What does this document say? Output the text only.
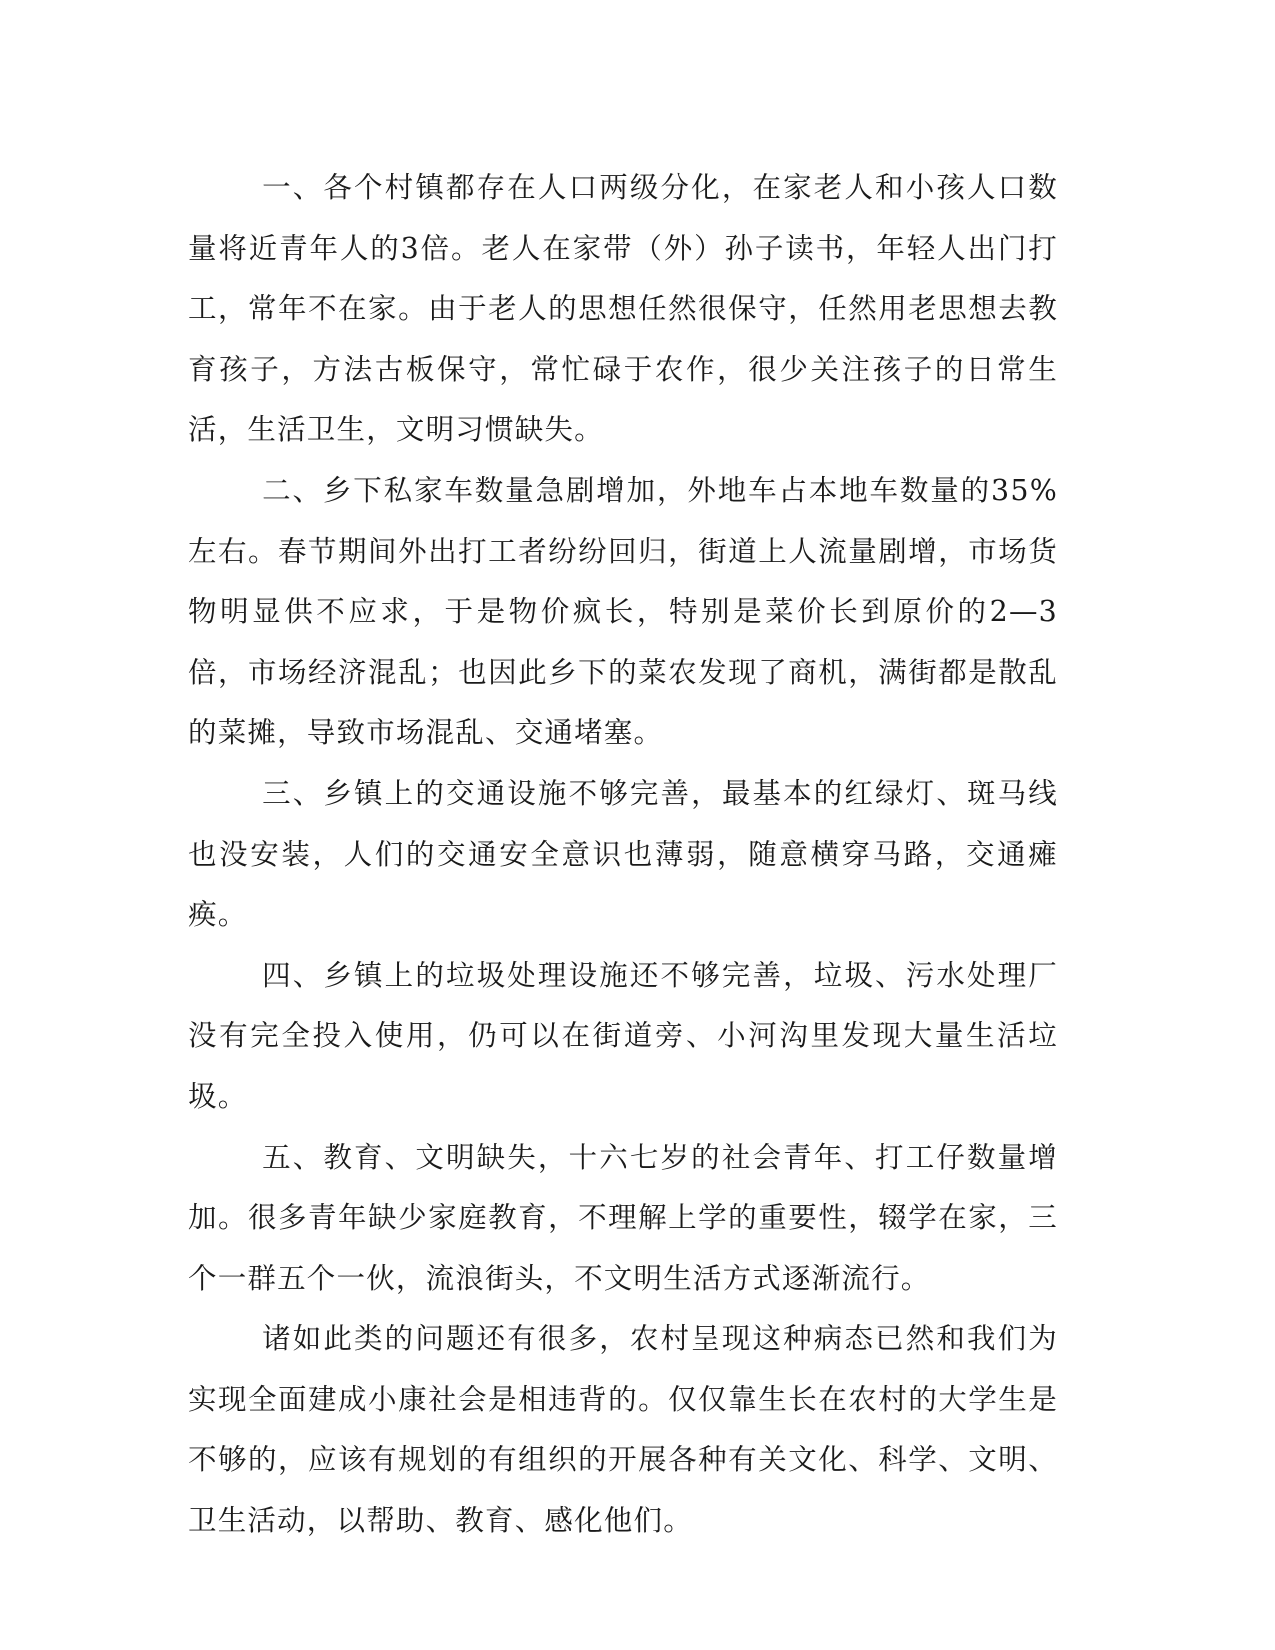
一、各个村镇都存在人口两级分化，在家老人和小孩人口数量将近青年人的3倍。老人在家带（外）孙子读书，年轻人出门打工，常年不在家。由于老人的思想任然很保守，任然用老思想去教育孩子，方法古板保守，常忙碌于农作，很少关注孩子的日常生活，生活卫生，文明习惯缺失。

二、乡下私家车数量急剧增加，外地车占本地车数量的35%左右。春节期间外出打工者纷纷回归，街道上人流量剧增，市场货物明显供不应求，于是物价疯长，特别是菜价长到原价的2—3倍，市场经济混乱；也因此乡下的菜农发现了商机，满街都是散乱的菜摊，导致市场混乱、交通堵塞。

三、乡镇上的交通设施不够完善，最基本的红绿灯、斑马线也没安装，人们的交通安全意识也薄弱，随意横穿马路，交通瘫痪。

四、乡镇上的垃圾处理设施还不够完善，垃圾、污水处理厂没有完全投入使用，仍可以在街道旁、小河沟里发现大量生活垃圾。

五、教育、文明缺失，十六七岁的社会青年、打工仔数量增加。很多青年缺少家庭教育，不理解上学的重要性，辍学在家，三个一群五个一伙，流浪街头，不文明生活方式逐渐流行。

诸如此类的问题还有很多，农村呈现这种病态已然和我们为实现全面建成小康社会是相违背的。仅仅靠生长在农村的大学生是不够的，应该有规划的有组织的开展各种有关文化、科学、文明、卫生活动，以帮助、教育、感化他们。
